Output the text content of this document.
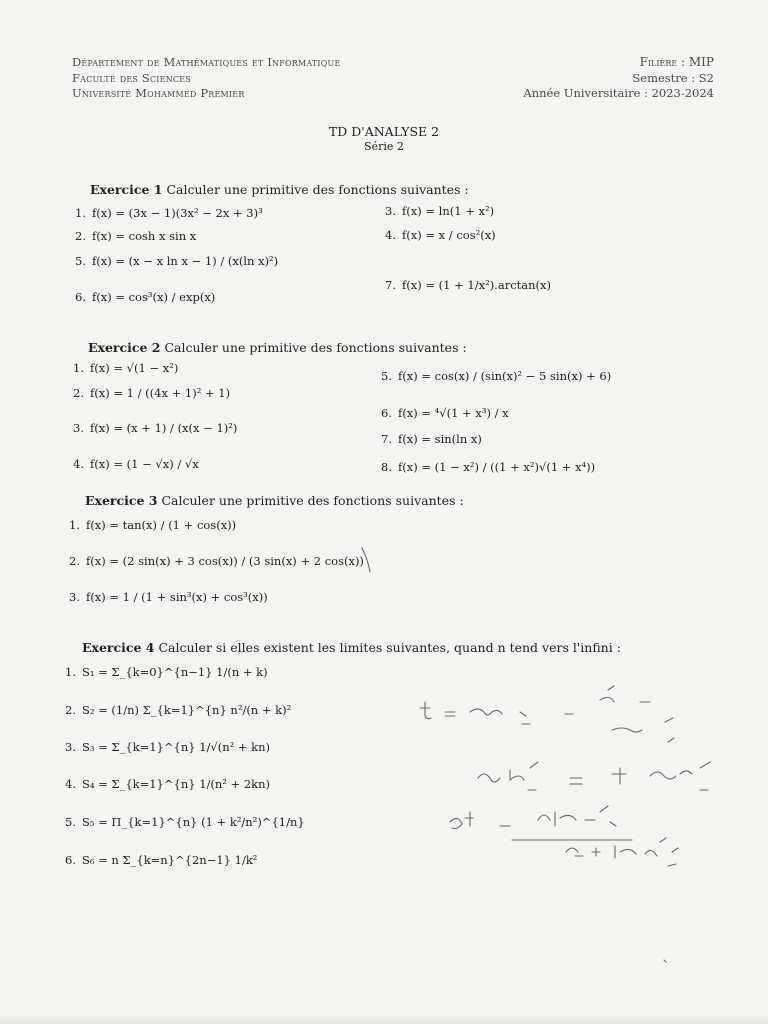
Département de Mathématiques et Informatique
Faculté des Sciences
Université Mohammed Premier
Filière : MIP
Semestre : S2
Année Universitaire : 2023-2024
TD D'ANALYSE 2
Série 2
Exercice 1 Calculer une primitive des fonctions suivantes :
1. f(x) = (3x − 1)(3x² − 2x + 3)³
2. f(x) = cosh x sin x
3. f(x) = ln(1 + x²)
4. f(x) = x / cos²(x)
5. f(x) = (x − x ln x − 1) / (x(ln x)²)
6. f(x) = cos³(x) / exp(x)
7. f(x) = (1 + 1/x²).arctan(x)
Exercice 2 Calculer une primitive des fonctions suivantes :
1. f(x) = √(1 − x²)
2. f(x) = 1 / ((4x + 1)² + 1)
3. f(x) = (x + 1) / (x(x − 1)²)
4. f(x) = (1 − √x) / √x
5. f(x) = cos(x) / (sin(x)² − 5 sin(x) + 6)
6. f(x) = ⁴√(1 + x³) / x
7. f(x) = sin(ln x)
8. f(x) = (1 − x²) / ((1 + x²)√(1 + x⁴))
Exercice 3 Calculer une primitive des fonctions suivantes :
1. f(x) = tan(x) / (1 + cos(x))
2. f(x) = (2 sin(x) + 3 cos(x)) / (3 sin(x) + 2 cos(x))
3. f(x) = 1 / (1 + sin³(x) + cos³(x))
Exercice 4 Calculer si elles existent les limites suivantes, quand n tend vers l'infini :
1. S₁ = Σ_{k=0}^{n−1} 1/(n + k)
2. S₂ = (1/n) Σ_{k=1}^{n} n²/(n + k)²
3. S₃ = Σ_{k=1}^{n} 1/√(n² + kn)
4. S₄ = Σ_{k=1}^{n} 1/(n² + 2kn)
5. S₅ = Π_{k=1}^{n} (1 + k²/n²)^{1/n}
6. S₆ = n Σ_{k=n}^{2n−1} 1/k²
